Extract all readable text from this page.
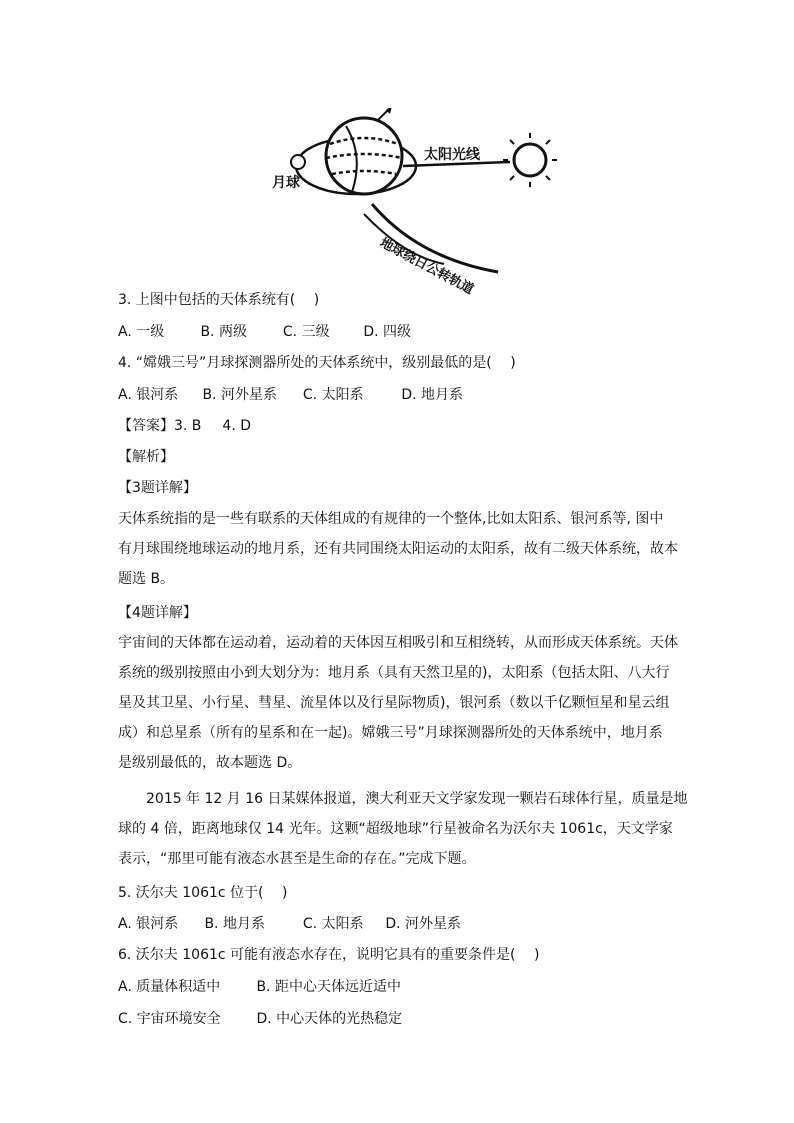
月球
太阳光线
地球绕日公转轨道
3. 上图中包括的天体系统有(　 )
A. 一级	B. 两级	C. 三级 D. 四级
4. “嫦娥三号”月球探测器所处的天体系统中，级别最低的是(　 )
A. 银河系 B. 河外星系 C. 太阳系	D. 地月系
【答案】3. B　 4. D
【解析】
【3题详解】

天体系统指的是一些有联系的天体组成的有规律的一个整体,比如太阳系、银河系等, 图中

有月球围绕地球运动的地月系，还有共同围绕太阳运动的太阳系，故有二级天体系统，故本

题选 B。

【4题详解】

宇宙间的天体都在运动着，运动着的天体因互相吸引和互相绕转，从而形成天体系统。天体

系统的级别按照由小到大划分为：地月系（具有天然卫星的)，太阳系（包括太阳、八大行

星及其卫星、小行星、彗星、流星体以及行星际物质)，银河系（数以千亿颗恒星和星云组

成）和总星系（所有的星系和在一起)。嫦娥三号”月球探测器所处的天体系统中，地月系

是级别最低的，故本题选 D。

2015 年 12 月 16 日某媒体报道，澳大利亚天文学家发现一颗岩石球体行星，质量是地

球的 4 倍，距离地球仅 14 光年。这颗“超级地球”行星被命名为沃尔夫 1061c，天文学家

表示，“那里可能有液态水甚至是生命的存在。”完成下题。

5. 沃尔夫 1061c 位于(　 )
A. 银河系 B. 地月系	C. 太阳系 D. 河外星系
6. 沃尔夫 1061c 可能有液态水存在，说明它具有的重要条件是(　 )
A. 质量体积适中	B. 距中心天体远近适中
C. 宇宙环境安全	D. 中心天体的光热稳定
